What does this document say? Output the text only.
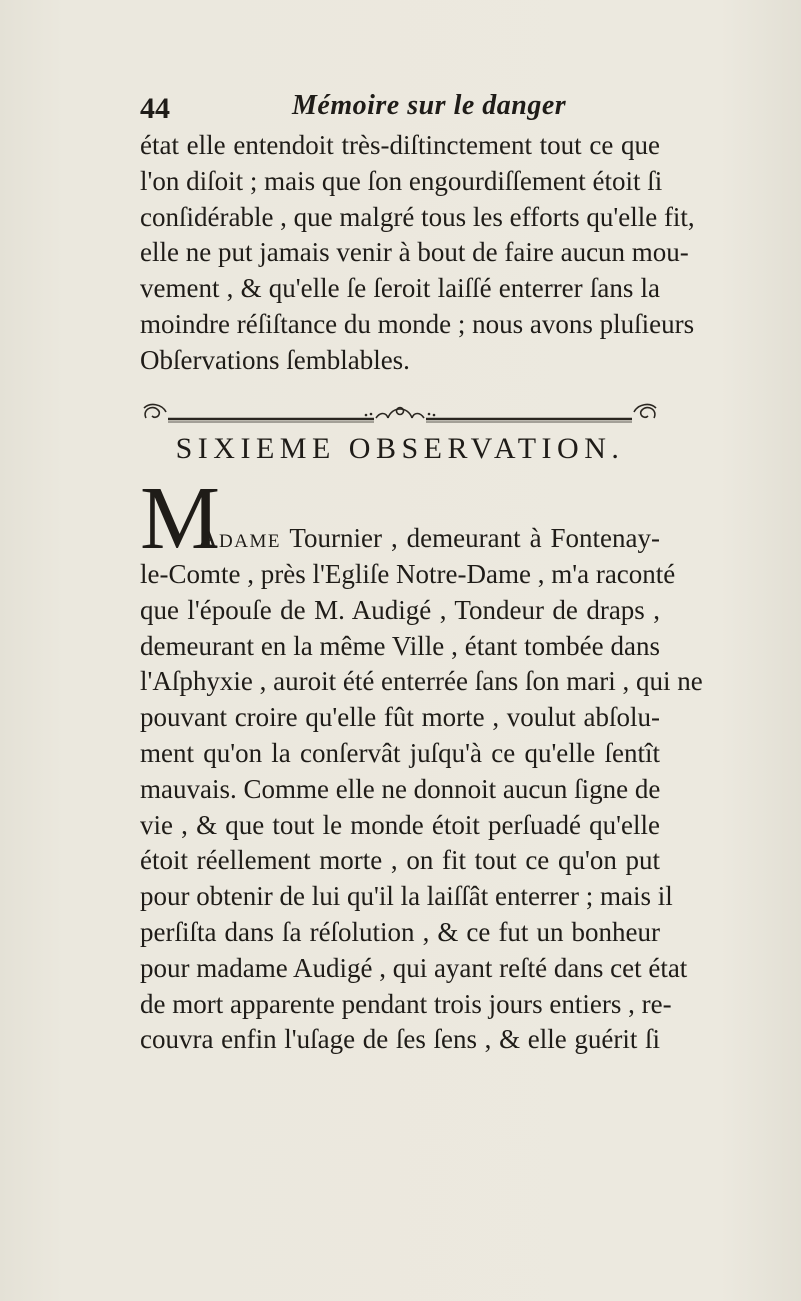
44	Mémoire sur le danger

état elle entendoit très-diſtinctement tout ce que
l'on diſoit ; mais que ſon engourdiſſement étoit ſi
conſidérable , que malgré tous les efforts qu'elle fit,
elle ne put jamais venir à bout de faire aucun mou-
vement , & qu'elle ſe ſeroit laiſſé enterrer ſans la
moindre réſiſtance du monde ; nous avons pluſieurs
Obſervations ſemblables.

SIXIEME OBSERVATION.
M
Adame Tournier , demeurant à Fontenay-

le-Comte , près l'Egliſe Notre-Dame , m'a raconté
que l'épouſe de M. Audigé , Tondeur de draps ,
demeurant en la même Ville , étant tombée dans
l'Aſphyxie , auroit été enterrée ſans ſon mari , qui ne
pouvant croire qu'elle fût morte , voulut abſolu-
ment qu'on la conſervât juſqu'à ce qu'elle ſentît
mauvais. Comme elle ne donnoit aucun ſigne de
vie , & que tout le monde étoit perſuadé qu'elle
étoit réellement morte , on fit tout ce qu'on put
pour obtenir de lui qu'il la laiſſât enterrer ; mais il
perſiſta dans ſa réſolution , & ce fut un bonheur
pour madame Audigé , qui ayant reſté dans cet état
de mort apparente pendant trois jours entiers , re-
couvra enfin l'uſage de ſes ſens , & elle guérit ſi
